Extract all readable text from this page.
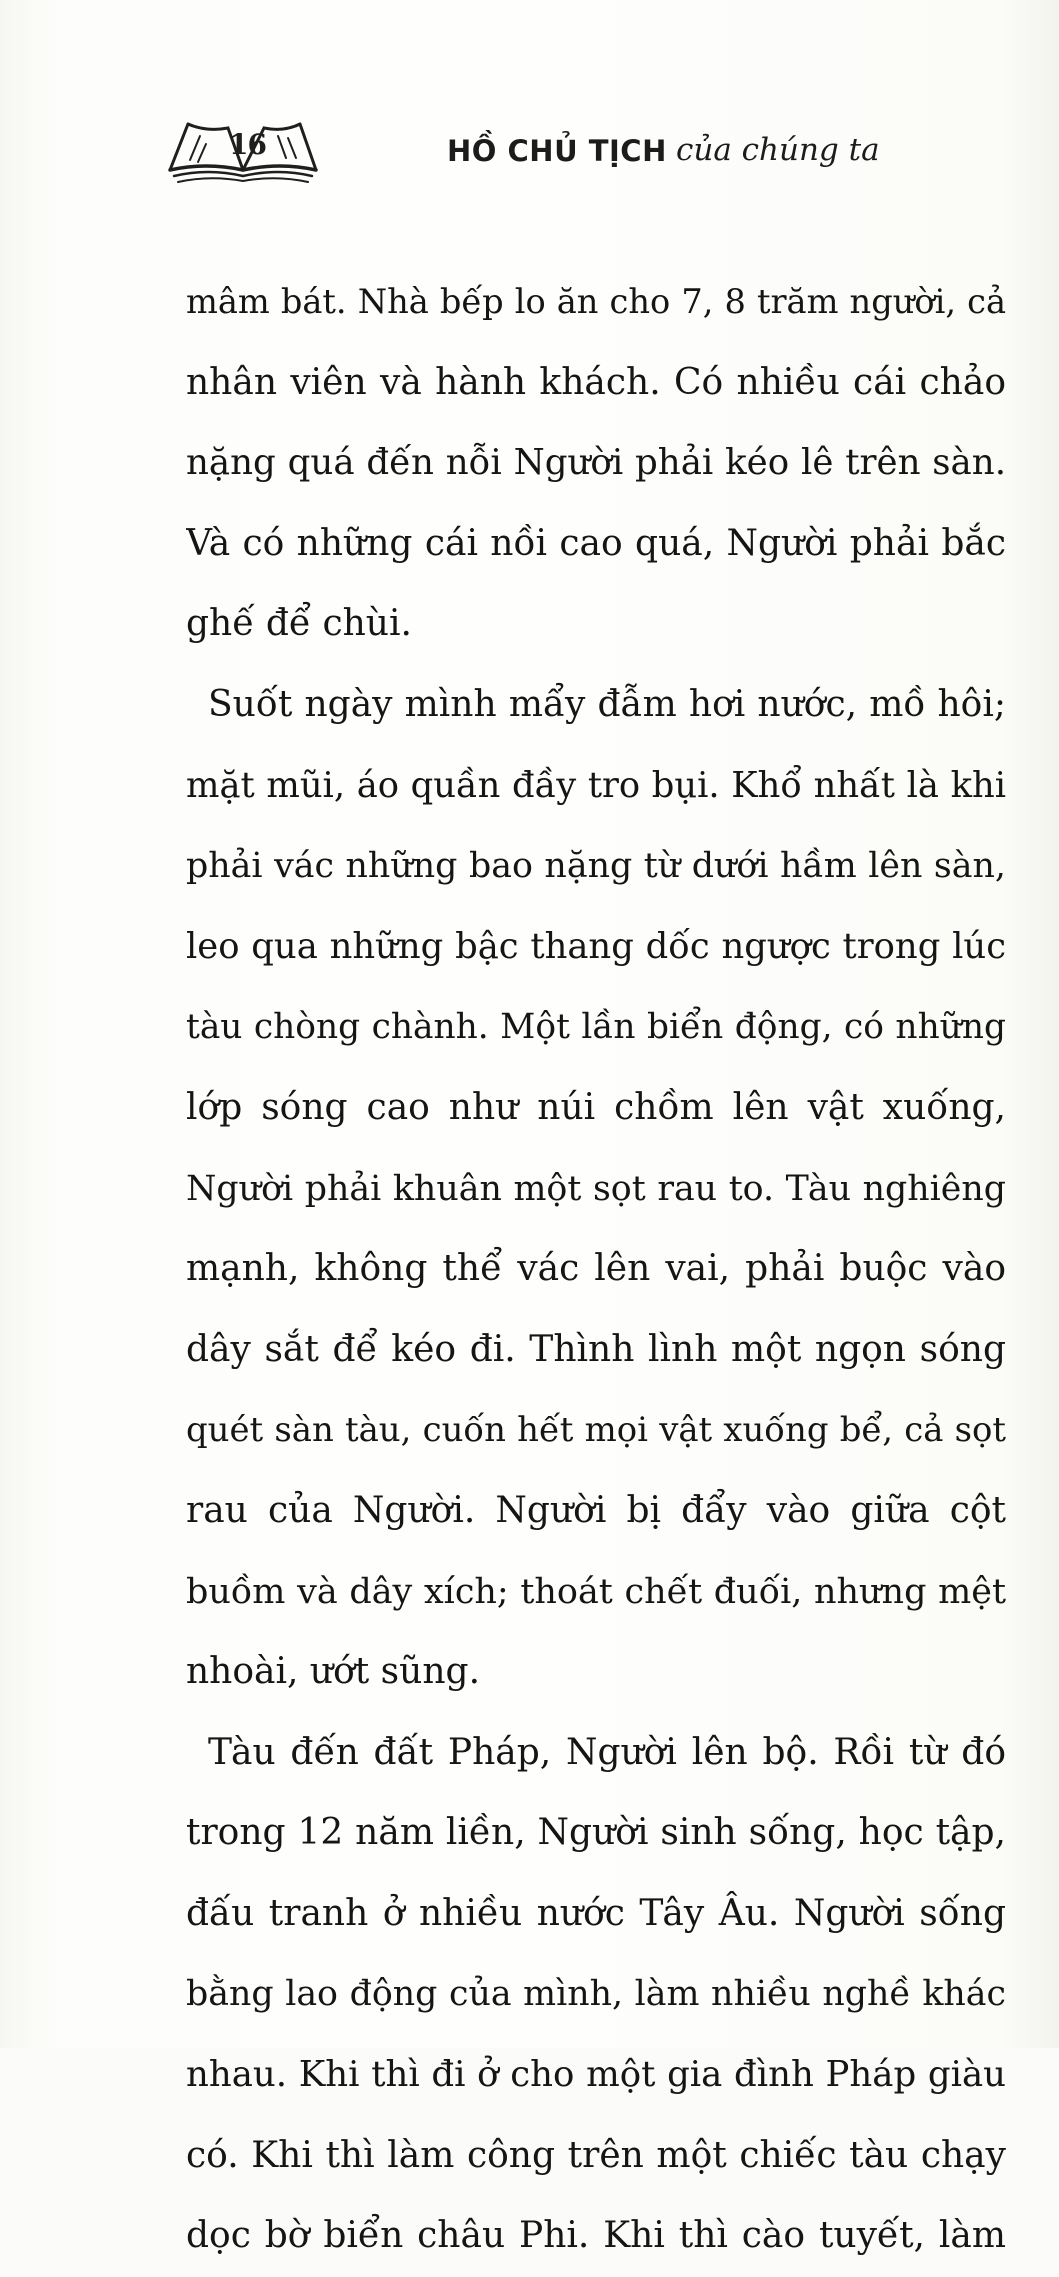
16	HỒ CHỦ TỊCH của chúng ta
mâm bát. Nhà bếp lo ăn cho 7, 8 trăm người, cả
nhân viên và hành khách. Có nhiều cái chảo
nặng quá đến nỗi Người phải kéo lê trên sàn.
Và có những cái nồi cao quá, Người phải bắc
ghế để chùi.
Suốt ngày mình mẩy đẫm hơi nước, mồ hôi;
mặt mũi, áo quần đầy tro bụi. Khổ nhất là khi
phải vác những bao nặng từ dưới hầm lên sàn,
leo qua những bậc thang dốc ngược trong lúc
tàu chòng chành. Một lần biển động, có những
lớp sóng cao như núi chồm lên vật xuống,
Người phải khuân một sọt rau to. Tàu nghiêng
mạnh, không thể vác lên vai, phải buộc vào
dây sắt để kéo đi. Thình lình một ngọn sóng
quét sàn tàu, cuốn hết mọi vật xuống bể, cả sọt
rau của Người. Người bị đẩy vào giữa cột
buồm và dây xích; thoát chết đuối, nhưng mệt
nhoài, ướt sũng.
Tàu đến đất Pháp, Người lên bộ. Rồi từ đó
trong 12 năm liền, Người sinh sống, học tập,
đấu tranh ở nhiều nước Tây Âu. Người sống
bằng lao động của mình, làm nhiều nghề khác
nhau. Khi thì đi ở cho một gia đình Pháp giàu
có. Khi thì làm công trên một chiếc tàu chạy
dọc bờ biển châu Phi. Khi thì cào tuyết, làm
